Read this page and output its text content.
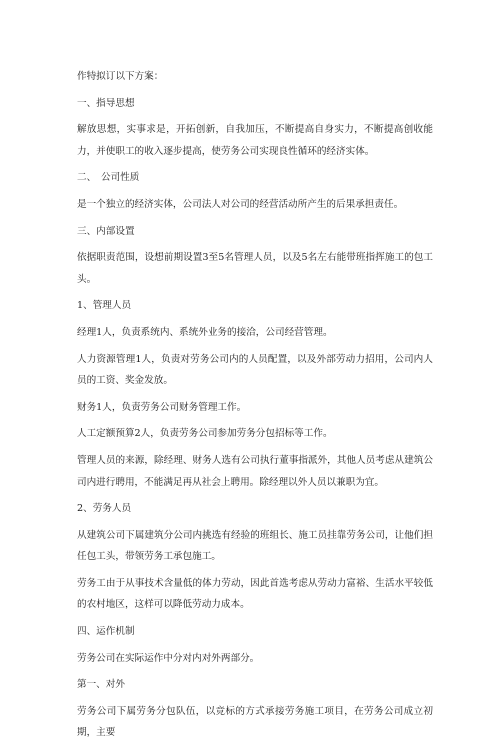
作特拟订以下方案：

一、指导思想

解放思想，实事求是，开拓创新，自我加压，不断提高自身实力，不断提高创收能力，并使职工的收入逐步提高，使劳务公司实现良性循环的经济实体。

二、　公司性质

是一个独立的经济实体，公司法人对公司的经营活动所产生的后果承担责任。

三、内部设置

依据职责范围，设想前期设置3至5名管理人员，以及5名左右能带班指挥施工的包工头。

1、管理人员

经理1人，负责系统内、系统外业务的接洽，公司经营管理。

人力资源管理1人，负责对劳务公司内的人员配置，以及外部劳动力招用，公司内人员的工资、奖金发放。

财务1人，负责劳务公司财务管理工作。

人工定额预算2人，负责劳务公司参加劳务分包招标等工作。

管理人员的来源，除经理、财务人选有公司执行董事指派外，其他人员考虑从建筑公司内进行聘用，不能满足再从社会上聘用。除经理以外人员以兼职为宜。

2、劳务人员

从建筑公司下属建筑分公司内挑选有经验的班组长、施工员挂靠劳务公司，让他们担任包工头，带领劳务工承包施工。

劳务工由于从事技术含量低的体力劳动，因此首选考虑从劳动力富裕、生活水平较低的农村地区，这样可以降低劳动力成本。

四、运作机制

劳务公司在实际运作中分对内对外两部分。

第一、对外

劳务公司下属劳务分包队伍，以竞标的方式承接劳务施工项目，在劳务公司成立初期，主要
